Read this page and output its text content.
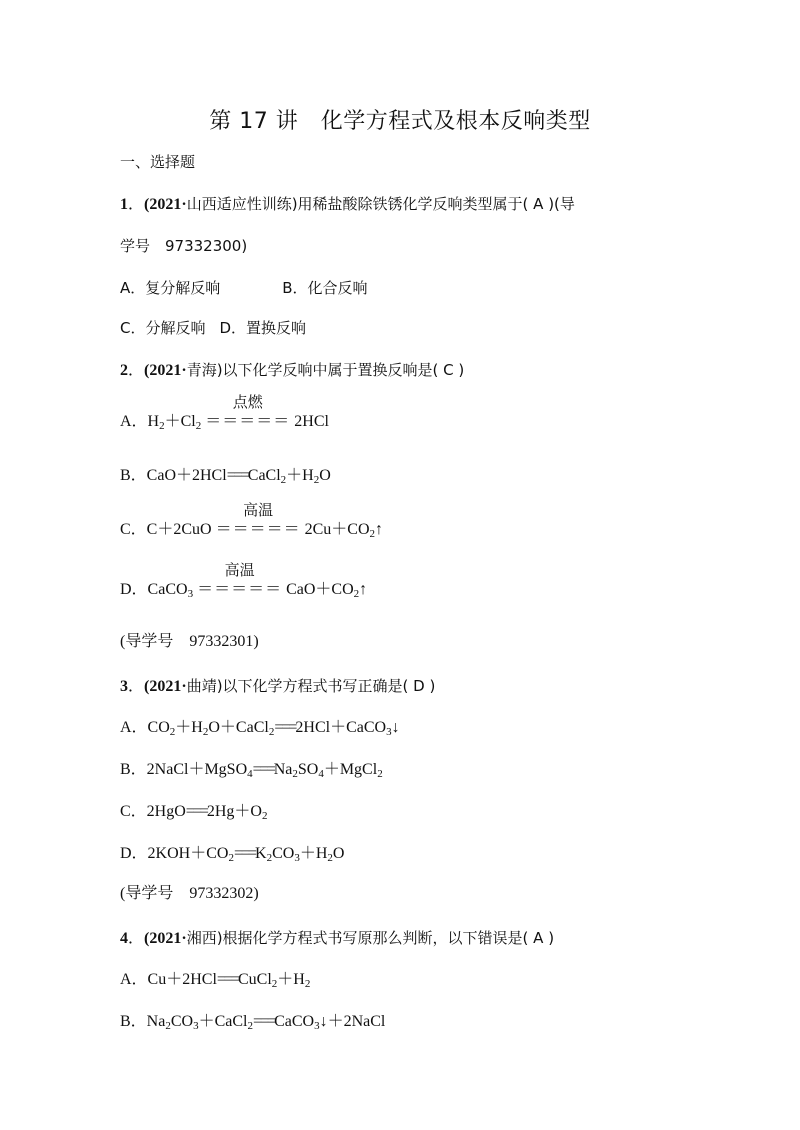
第 17 讲　化学方程式及根本反响类型
一、选择题
1．(2021·山西适应性训练)用稀盐酸除铁锈化学反响类型属于( A )(导
学号　97332300)
A．复分解反响	B．化合反响
C．分解反响 D．置换反响
2．(2021·青海)以下化学反响中属于置换反响是( C )
A．$H_2+Cl_2$
点燃
＝＝＝＝＝ 2HCl
B．$CaO+2HCl===CaCl_2+H_2O$
C．C＋2CuO
高温
＝＝＝＝＝ $2Cu+CO_2↑$
D．CaCO$_3$
高温
＝＝＝＝＝ $CaO+CO_2↑$
(导学号　97332301)
3．(2021·曲靖)以下化学方程式书写正确是( D )
A．$CO_2+H_2O+CaCl_2===2HCl+CaCO_3↓$
B．$2NaCl+MgSO_4===Na_2SO_4+MgCl_2$
C．$2HgO===2Hg+O_2$
D．$2KOH+CO_2===K_2CO_3+H_2O$
(导学号　97332302)
4．(2021·湘西)根据化学方程式书写原那么判断，以下错误是( A )
A．$Cu+2HCl===CuCl_2+H_2$
B．$Na_2CO_3+CaCl_2===CaCO_3↓+2NaCl$
